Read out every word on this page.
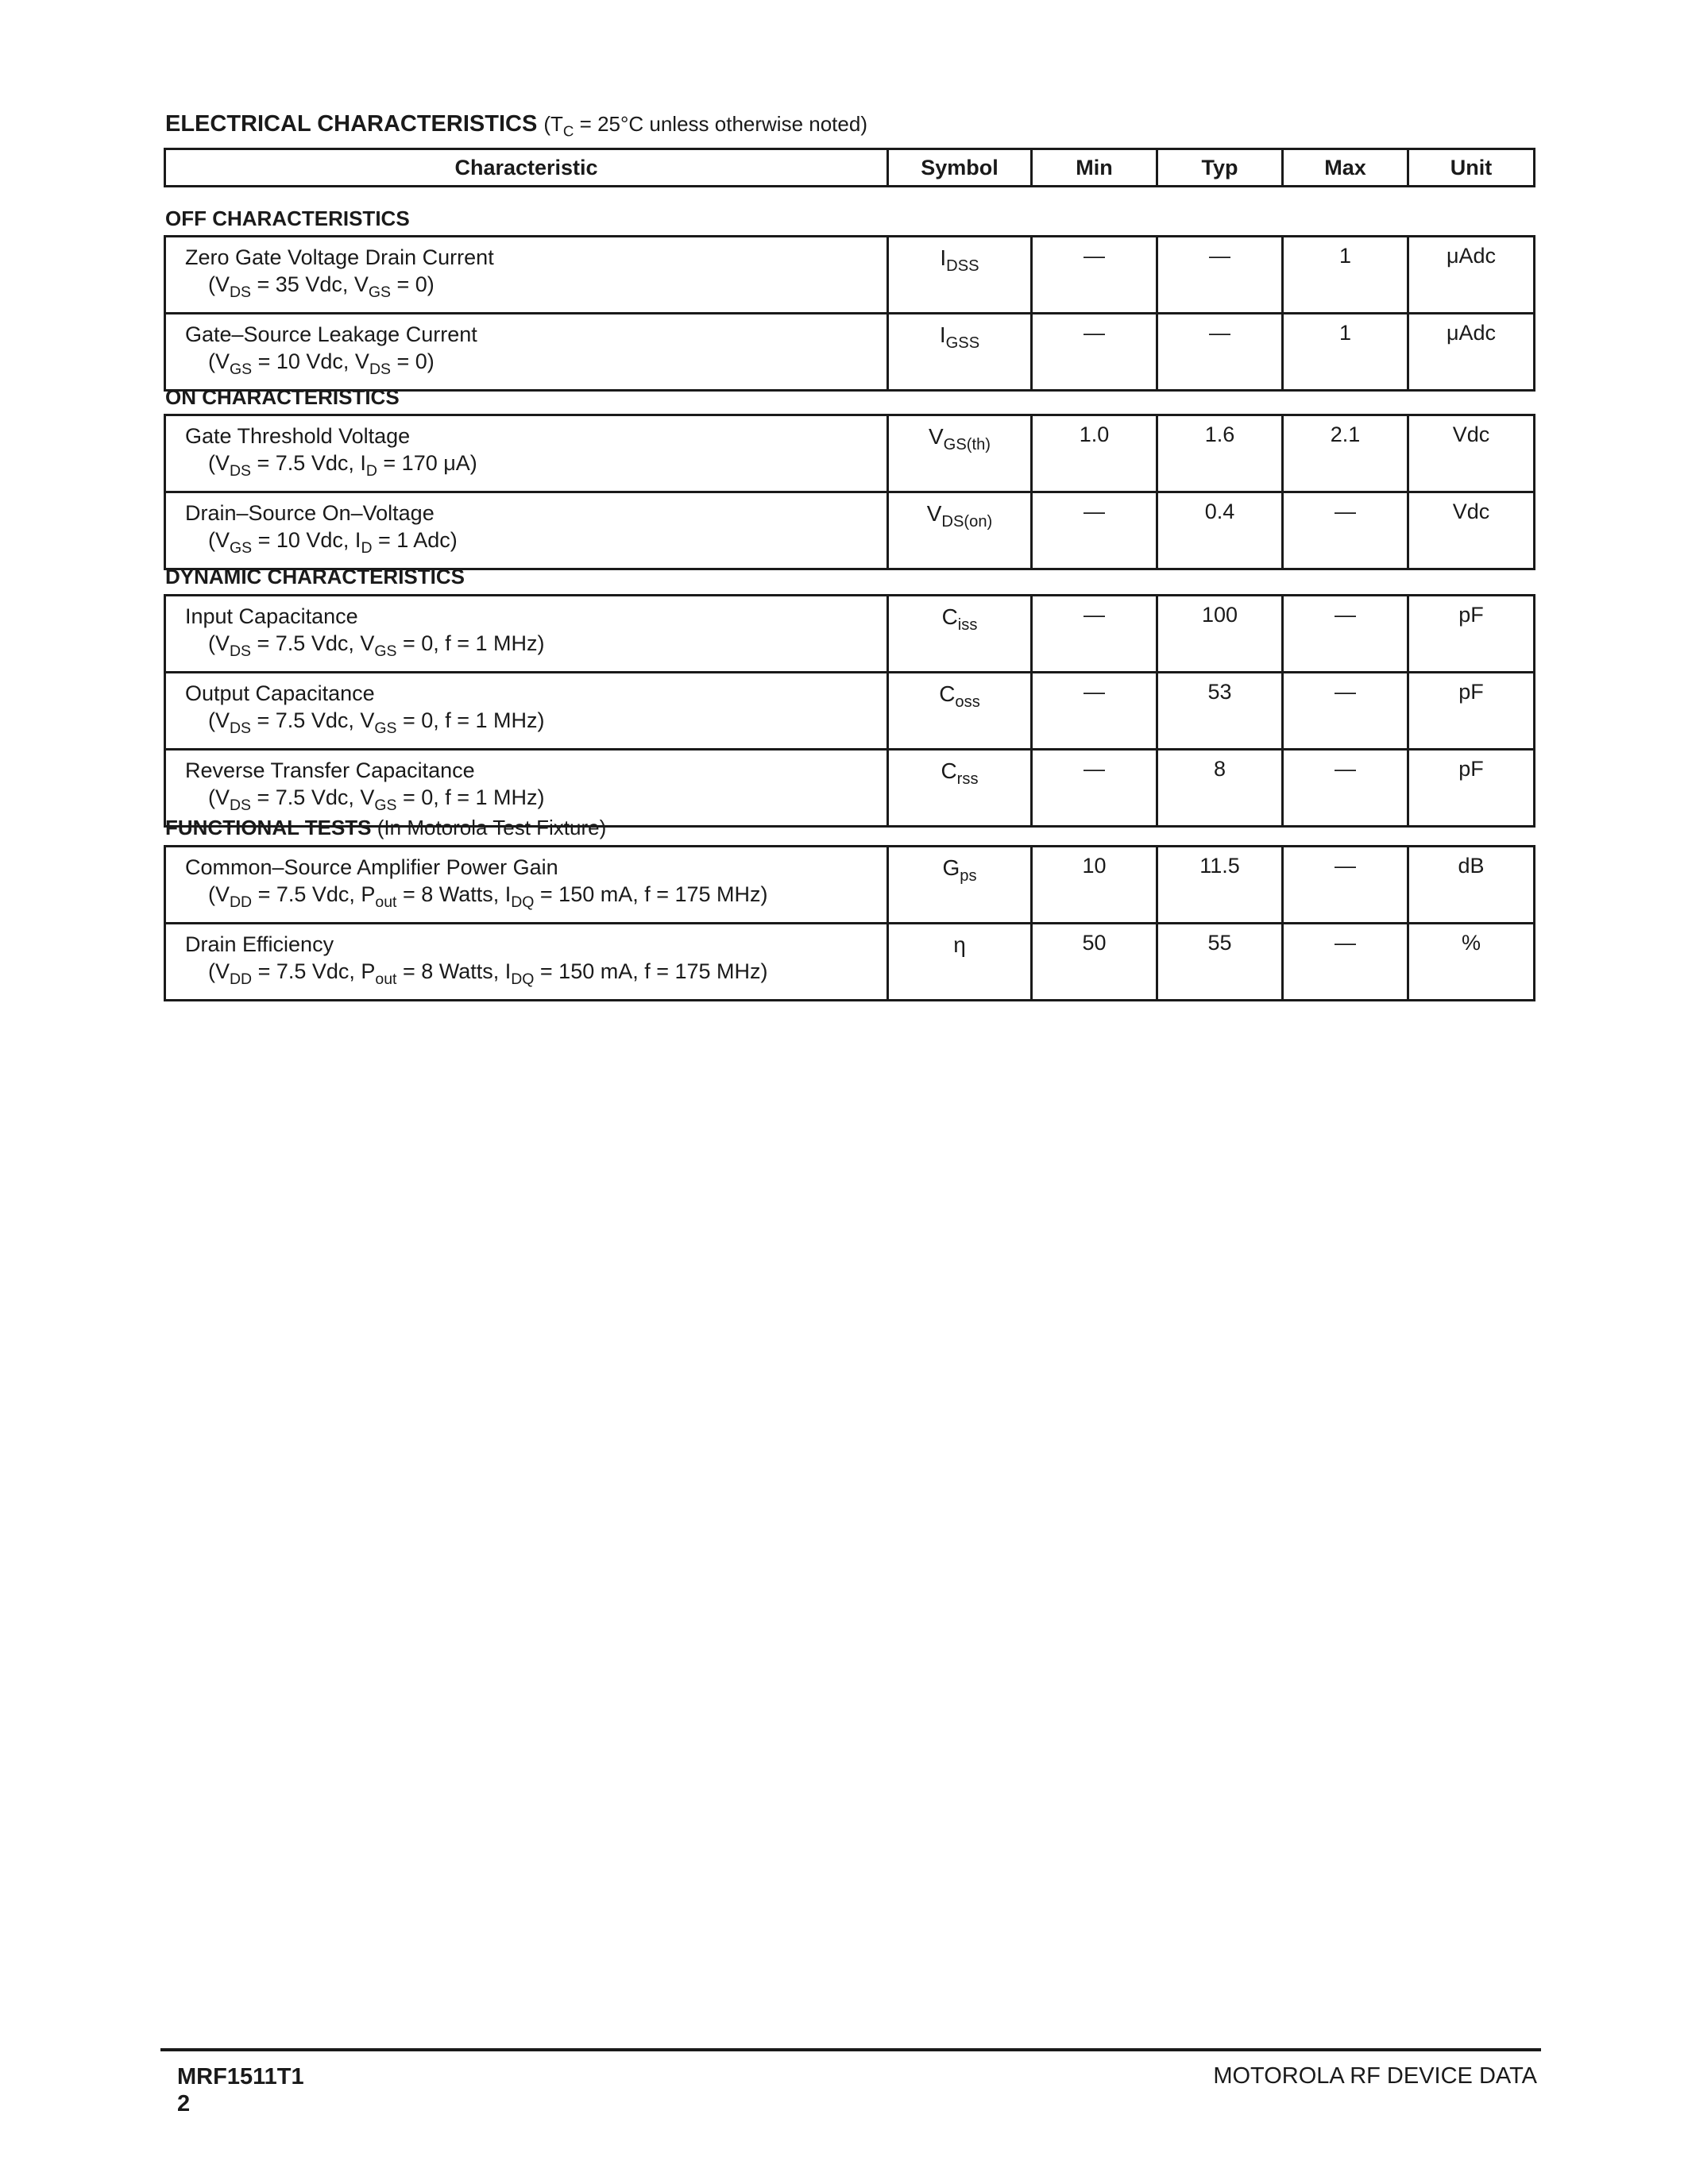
ELECTRICAL CHARACTERISTICS ($T_C = 25^\circ C$ unless otherwise noted)
Characteristic	Symbol	Min	Typ	Max	Unit
OFF CHARACTERISTICS
Zero Gate Voltage Drain Current
($V_{DS} = 35$ Vdc, $V_{GS} = 0$)	$I_{DSS}$	—	—	1	μAdc
Gate–Source Leakage Current
($V_{GS} = 10$ Vdc, $V_{DS} = 0$)	$I_{GSS}$	—	—	1	μAdc
ON CHARACTERISTICS
Gate Threshold Voltage
($V_{DS} = 7.5$ Vdc, $I_D = 170$ μA)	$V_{GS(th)}$	1.0	1.6	2.1	Vdc
Drain–Source On–Voltage
($V_{GS} = 10$ Vdc, $I_D = 1$ Adc)	$V_{DS(on)}$	—	0.4	—	Vdc
DYNAMIC CHARACTERISTICS
Input Capacitance
($V_{DS} = 7.5$ Vdc, $V_{GS} = 0$, f = 1 MHz)	$C_{iss}$	—	100	—	pF
Output Capacitance
($V_{DS} = 7.5$ Vdc, $V_{GS} = 0$, f = 1 MHz)	$C_{oss}$	—	53	—	pF
Reverse Transfer Capacitance
($V_{DS} = 7.5$ Vdc, $V_{GS} = 0$, f = 1 MHz)	$C_{rss}$	—	8	—	pF
FUNCTIONAL TESTS (In Motorola Test Fixture)
Common–Source Amplifier Power Gain
($V_{DD} = 7.5$ Vdc, $P_{out} = 8$ Watts, $I_{DQ} = 150$ mA, f = 175 MHz)	$G_{ps}$	10	11.5	—	dB
Drain Efficiency
($V_{DD} = 7.5$ Vdc, $P_{out} = 8$ Watts, $I_{DQ} = 150$ mA, f = 175 MHz)	η	50	55	—	%
MRF1511T1
2
MOTOROLA RF DEVICE DATA
